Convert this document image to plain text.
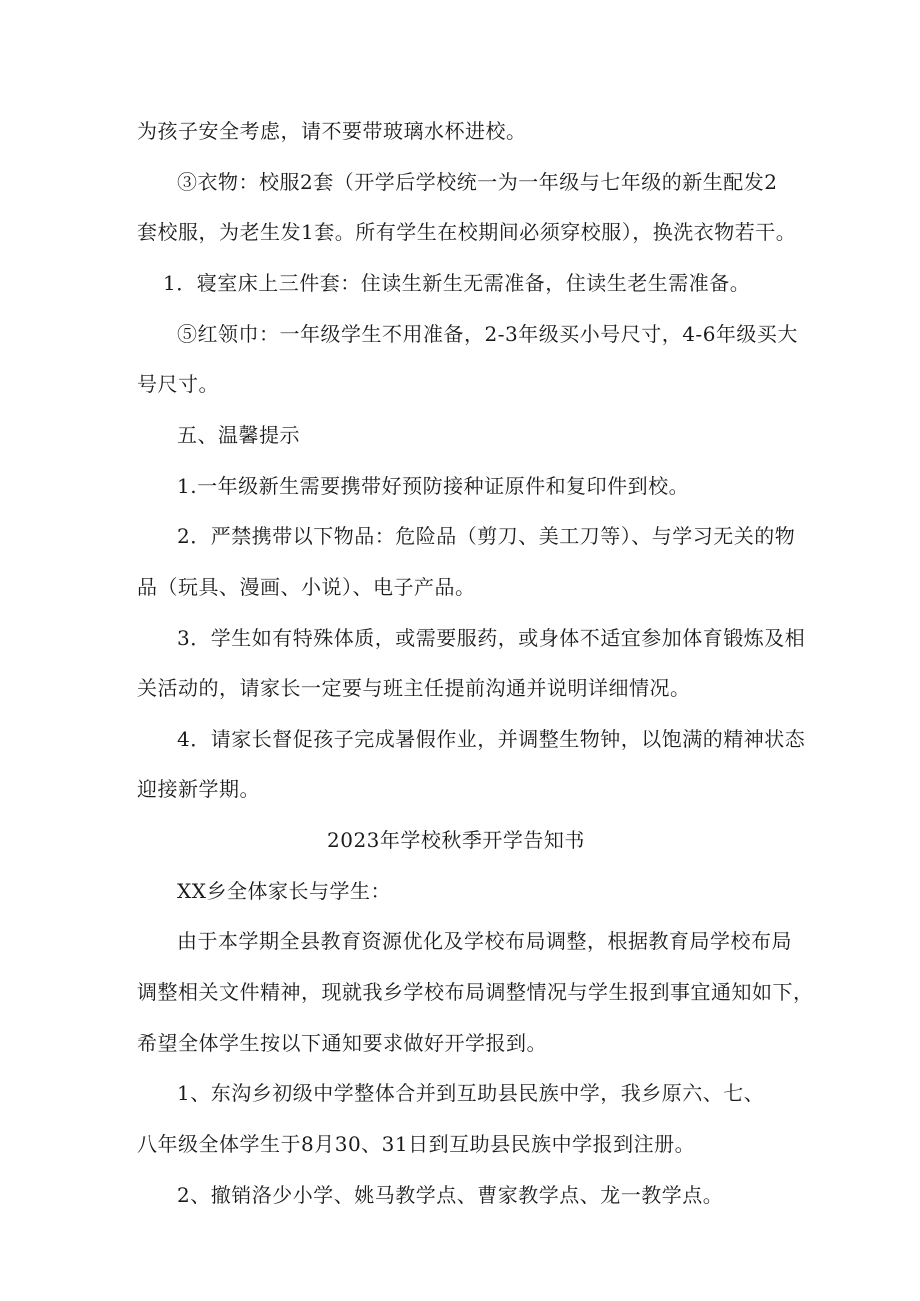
为孩子安全考虑，请不要带玻璃水杯进校。
③衣物：校服2套（开学后学校统一为一年级与七年级的新生配发2
套校服，为老生发1套。所有学生在校期间必须穿校服），换洗衣物若干。
1．寝室床上三件套：住读生新生无需准备，住读生老生需准备。
⑤红领巾：一年级学生不用准备，2-3年级买小号尺寸，4-6年级买大
号尺寸。
五、温馨提示
1.一年级新生需要携带好预防接种证原件和复印件到校。
2．严禁携带以下物品：危险品（剪刀、美工刀等）、与学习无关的物
品（玩具、漫画、小说）、电子产品。
3．学生如有特殊体质，或需要服药，或身体不适宜参加体育锻炼及相
关活动的，请家长一定要与班主任提前沟通并说明详细情况。
4．请家长督促孩子完成暑假作业，并调整生物钟，以饱满的精神状态
迎接新学期。
2023年学校秋季开学告知书
XX乡全体家长与学生：
由于本学期全县教育资源优化及学校布局调整，根据教育局学校布局
调整相关文件精神，现就我乡学校布局调整情况与学生报到事宜通知如下，
希望全体学生按以下通知要求做好开学报到。
1、东沟乡初级中学整体合并到互助县民族中学，我乡原六、七、
八年级全体学生于8月30、31日到互助县民族中学报到注册。
2、撤销洛少小学、姚马教学点、曹家教学点、龙一教学点。
